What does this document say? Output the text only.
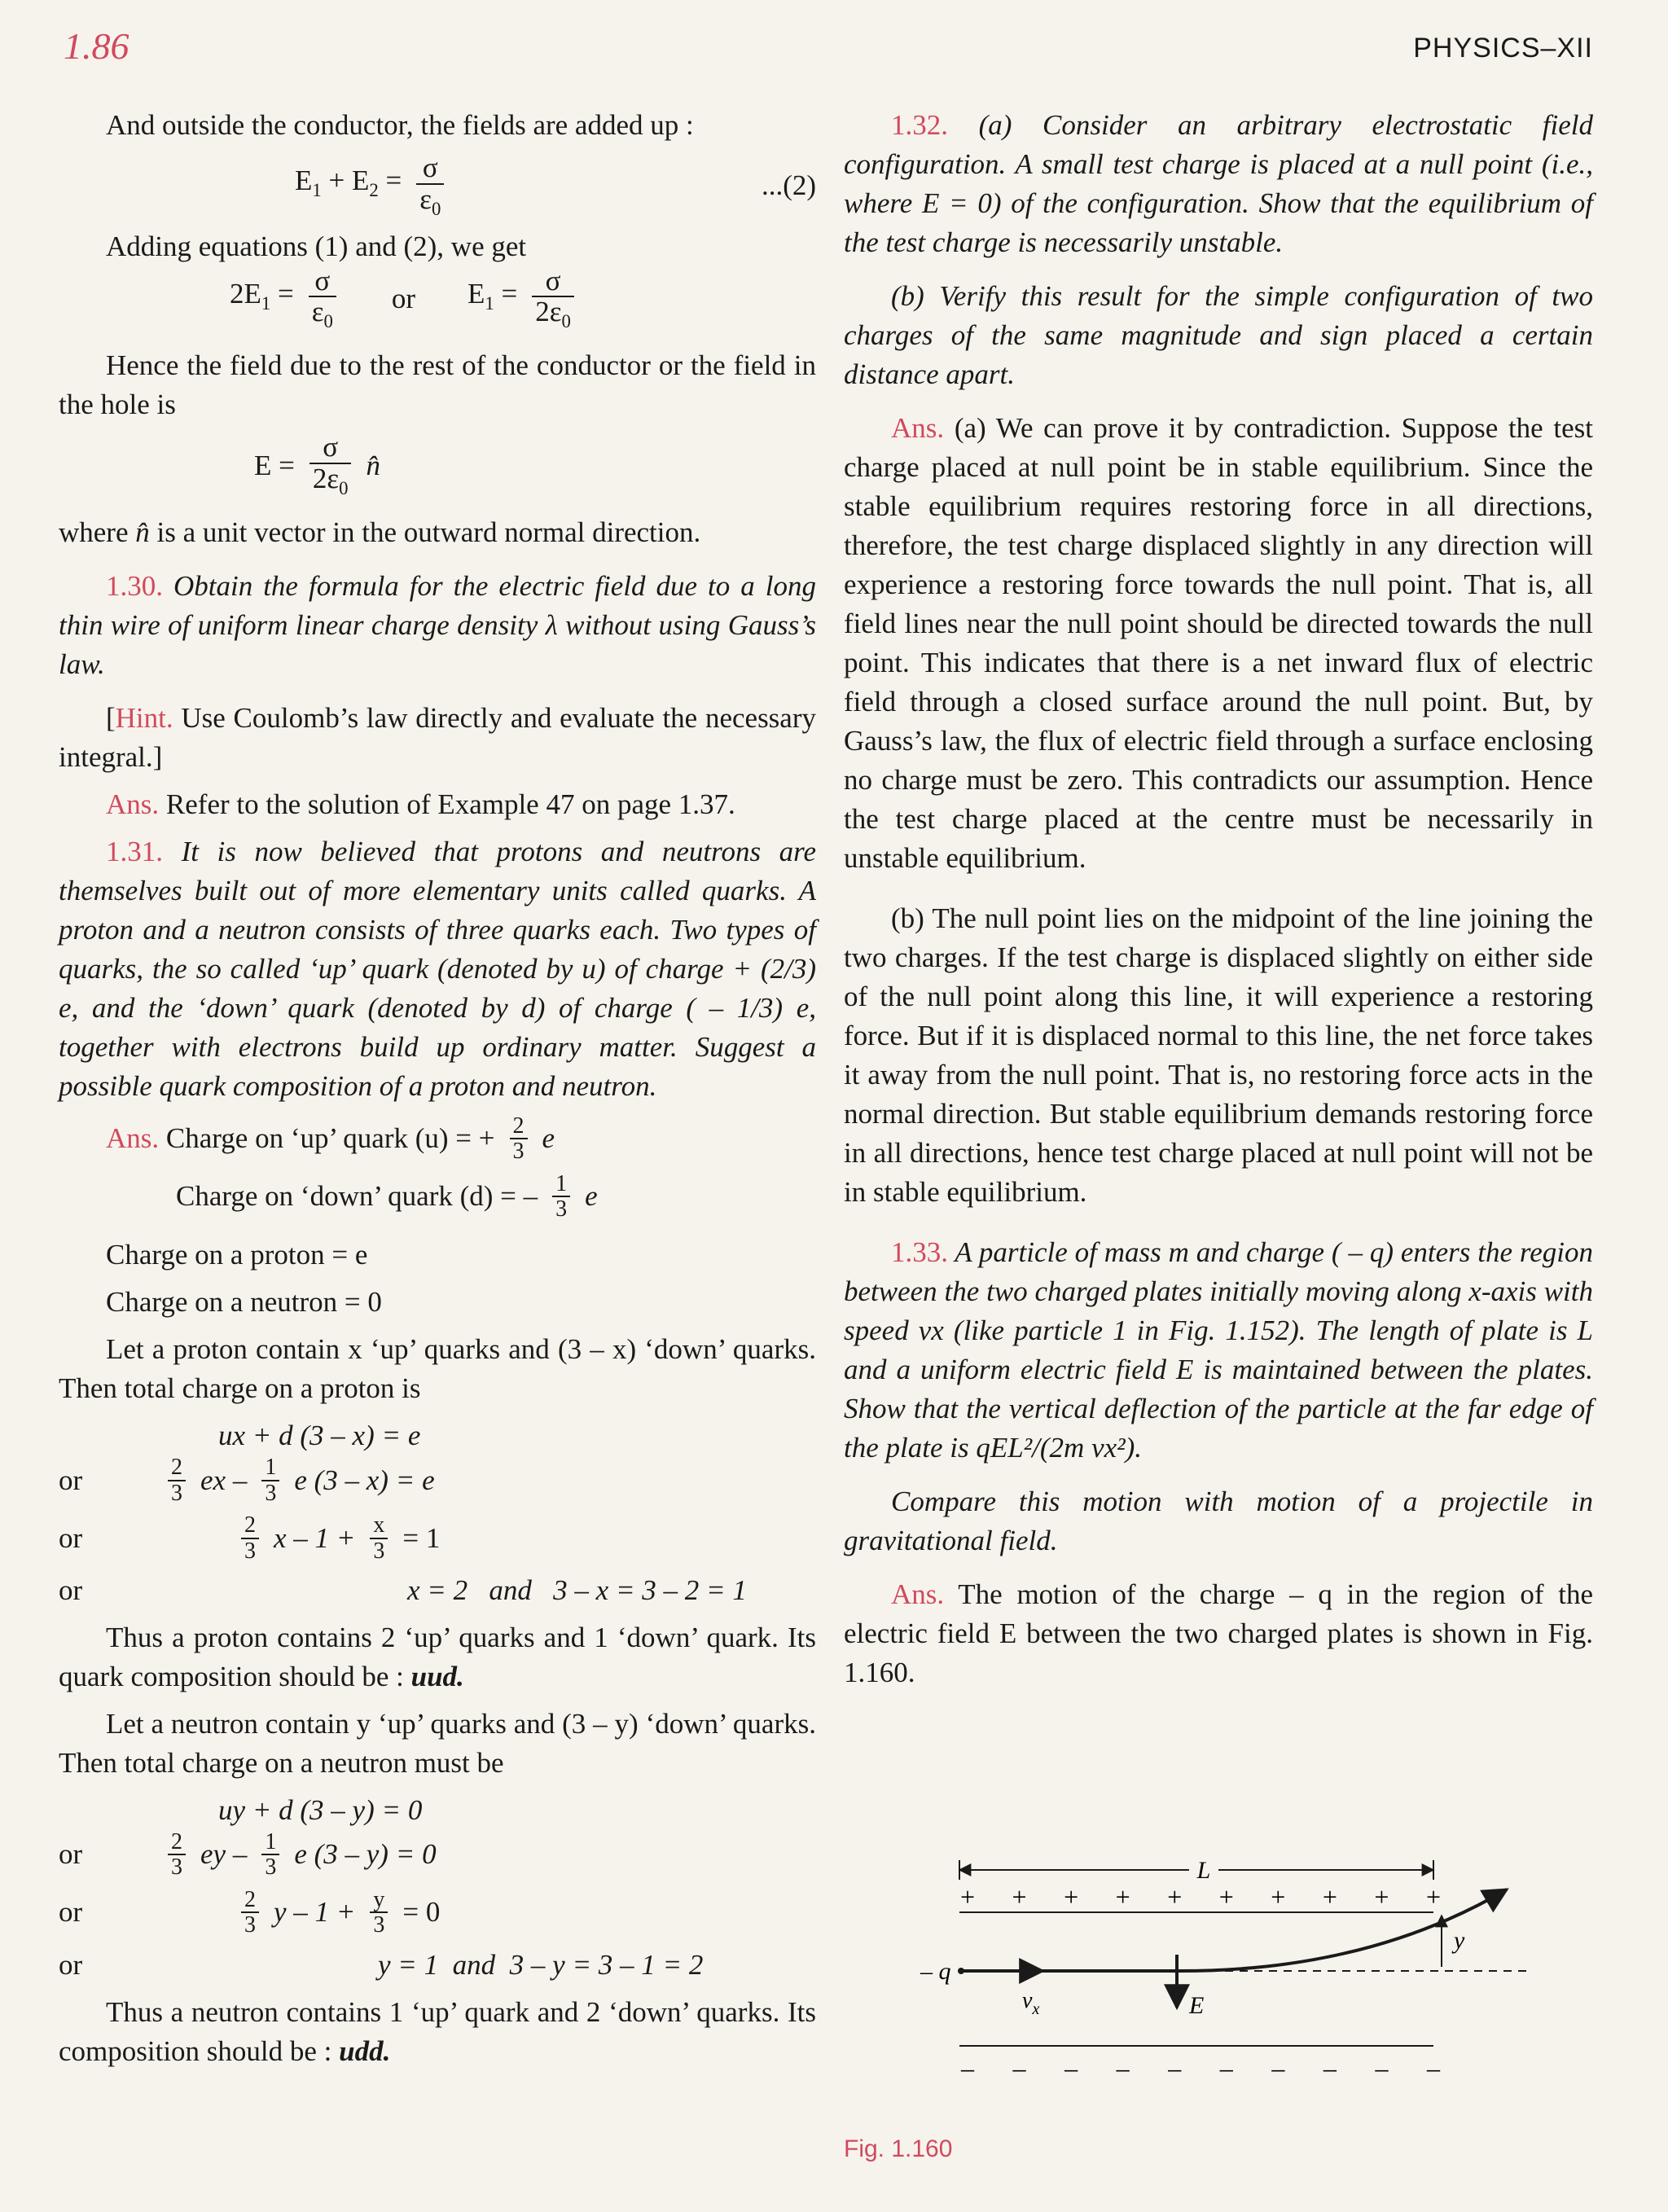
1.86	PHYSICS–XII

And outside the conductor, the fields are added up :

$E_1 + E_2 = \frac{\sigma}{\varepsilon_0}$	...(2)

Adding equations (1) and (2), we get

$2E_1 = \frac{\sigma}{\varepsilon_0}$ or $E_1 = \frac{\sigma}{2\varepsilon_0}$

Hence the field due to the rest of the conductor or the field in the hole is

$E = \frac{\sigma}{2\varepsilon_0}$ n̂

where n̂ is a unit vector in the outward normal direction.

1.30. Obtain the formula for the electric field due to a long thin wire of uniform linear charge density λ without using Gauss’s law.

[Hint. Use Coulomb’s law directly and evaluate the necessary integral.]

Ans. Refer to the solution of Example 47 on page 1.37.

1.31. It is now believed that protons and neutrons are themselves built out of more elementary units called quarks. A proton and a neutron consists of three quarks each. Two types of quarks, the so called ‘up’ quark (denoted by u) of charge + (2/3) e, and the ‘down’ quark (denoted by d) of charge ( – 1/3) e, together with electrons build up ordinary matter. Suggest a possible quark composition of a proton and neutron.

Ans. Charge on ‘up’ quark (u) = + $\frac{2}{3}$ e
Charge on ‘down’ quark (d) = – $\frac{1}{3}$ e

Charge on a proton = e

Charge on a neutron = 0

Let a proton contain x ‘up’ quarks and (3 – x) ‘down’ quarks. Then total charge on a proton is

ux + d (3 – x) = e
or	$\frac{2}{3}$ ex – $\frac{1}{3}$ e (3 – x) = e
or	$\frac{2}{3}$ $x - 1 + \frac{x}{3} = 1$
or	x = 2   and   3 – x = 3 – 2 = 1

Thus a proton contains 2 ‘up’ quarks and 1 ‘down’ quark. Its quark composition should be : uud.

Let a neutron contain y ‘up’ quarks and (3 – y) ‘down’ quarks. Then total charge on a neutron must be

uy + d (3 – y) = 0
or	$\frac{2}{3}$ ey – $\frac{1}{3}$ e (3 – y) = 0
or	$\frac{2}{3}$ $y - 1 + \frac{y}{3} = 0$
or	y = 1  and  3 – y = 3 – 1 = 2

Thus a neutron contains 1 ‘up’ quark and 2 ‘down’ quarks. Its composition should be : udd.

1.32. (a) Consider an arbitrary electrostatic field configuration. A small test charge is placed at a null point (i.e., where E = 0) of the configuration. Show that the equilibrium of the test charge is necessarily unstable.

(b) Verify this result for the simple configuration of two charges of the same magnitude and sign placed a certain distance apart.

Ans. (a) We can prove it by contradiction. Suppose the test charge placed at null point be in stable equilibrium. Since the stable equilibrium requires restoring force in all directions, therefore, the test charge displaced slightly in any direction will experience a restoring force towards the null point. That is, all field lines near the null point should be directed towards the null point. This indicates that there is a net inward flux of electric field through a closed surface around the null point. But, by Gauss’s law, the flux of electric field through a surface enclosing no charge must be zero. This contradicts our assumption. Hence the test charge placed at the centre must be necessarily in unstable equilibrium.

(b) The null point lies on the midpoint of the line joining the two charges. If the test charge is displaced slightly on either side of the null point along this line, it will experience a restoring force. But if it is displaced normal to this line, the net force takes it away from the null point. That is, no restoring force acts in the normal direction. But stable equilibrium demands restoring force in all directions, hence test charge placed at null point will not be in stable equilibrium.

1.33. A particle of mass m and charge ( – q) enters the region between the two charged plates initially moving along x-axis with speed vx (like particle 1 in Fig. 1.152). The length of plate is L and a uniform electric field E is maintained between the plates. Show that the vertical deflection of the particle at the far edge of the plate is qEL²/(2m vx²).

Compare this motion with motion of a projectile in gravitational field.

Ans. The motion of the charge – q in the region of the electric field E between the two charged plates is shown in Fig. 1.160.

L
+ + + + + + + + + +
– q
$v_x$	E
y
– – – – – – – – – –
Fig. 1.160
